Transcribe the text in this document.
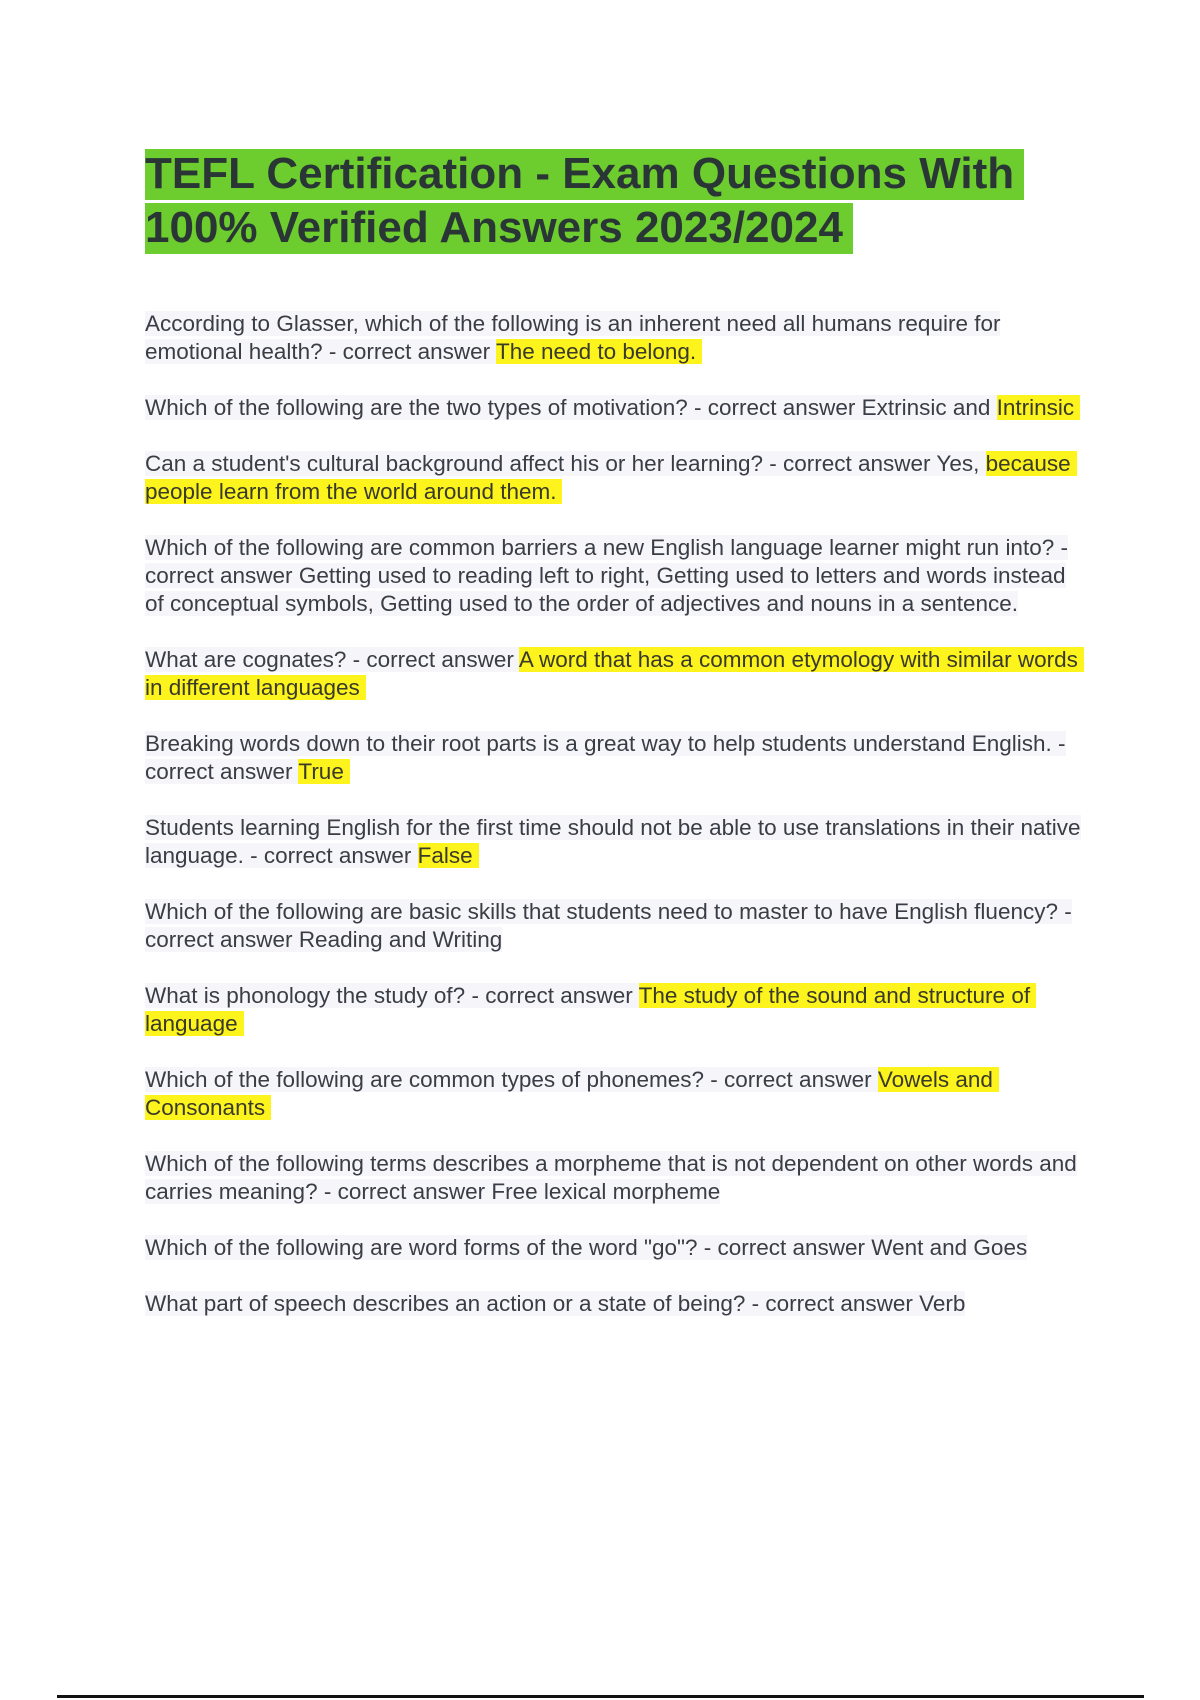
TEFL Certification - Exam Questions With
100% Verified Answers 2023/2024

According to Glasser, which of the following is an inherent need all humans require for emotional health? - correct answer The need to belong.

Which of the following are the two types of motivation? - correct answer Extrinsic and Intrinsic

Can a student's cultural background affect his or her learning? - correct answer Yes, because people learn from the world around them.

Which of the following are common barriers a new English language learner might run into? - correct answer Getting used to reading left to right, Getting used to letters and words instead of conceptual symbols, Getting used to the order of adjectives and nouns in a sentence.

What are cognates? - correct answer A word that has a common etymology with similar words in different languages

Breaking words down to their root parts is a great way to help students understand English. - correct answer True

Students learning English for the first time should not be able to use translations in their native language. - correct answer False

Which of the following are basic skills that students need to master to have English fluency? - correct answer Reading and Writing

What is phonology the study of? - correct answer The study of the sound and structure of language

Which of the following are common types of phonemes? - correct answer Vowels and Consonants

Which of the following terms describes a morpheme that is not dependent on other words and carries meaning? - correct answer Free lexical morpheme

Which of the following are word forms of the word "go"? - correct answer Went and Goes

What part of speech describes an action or a state of being? - correct answer Verb
